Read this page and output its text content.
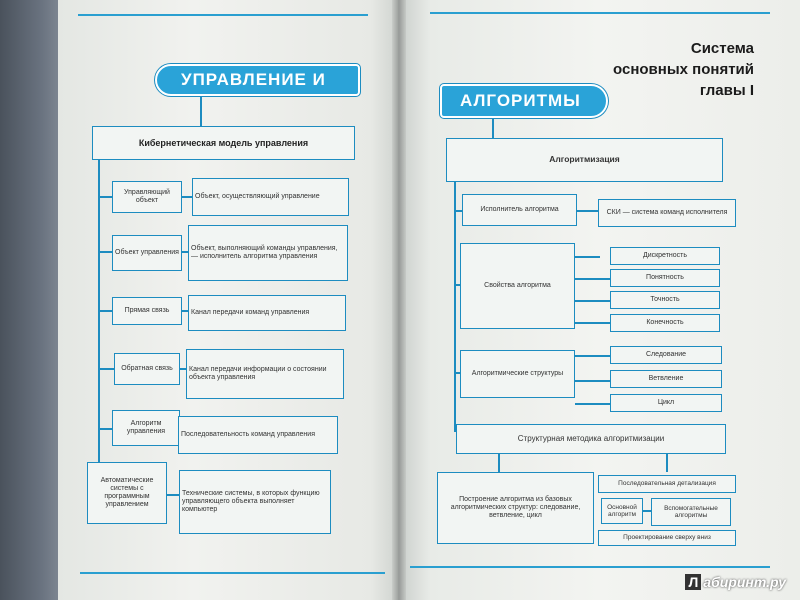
УПРАВЛЕНИЕ И
Кибернетическая модель управления
Управляющий объект
Объект, осуществляющий управление
Объект управления
Объект, выполняющий команды управления, — исполнитель алгоритма управления
Прямая связь	Канал передачи команд управления
Обратная связь Канал передачи информации о состоянии объекта управления
Алгоритм управления	Последовательность команд управления
Автоматические системы с программным управлением
Технические системы, в которых функцию управляющего объекта выполняет компьютер
Система
основных понятий
главы I
АЛГОРИТМЫ
Алгоритмизация
Исполнитель алгоритма	СКИ — система команд исполнителя
Свойства алгоритма
Дискретность
Понятность
Точность
Конечность
Алгоритмические структуры
Следование
Ветвление
Цикл
Структурная методика алгоритмизации
Построение алгоритма из базовых алгоритмических структур: следование, ветвление, цикл
Последовательная детализация
Основной алгоритм
Вспомогательные алгоритмы
Проектирование сверху вниз
Л абиринт.ру
